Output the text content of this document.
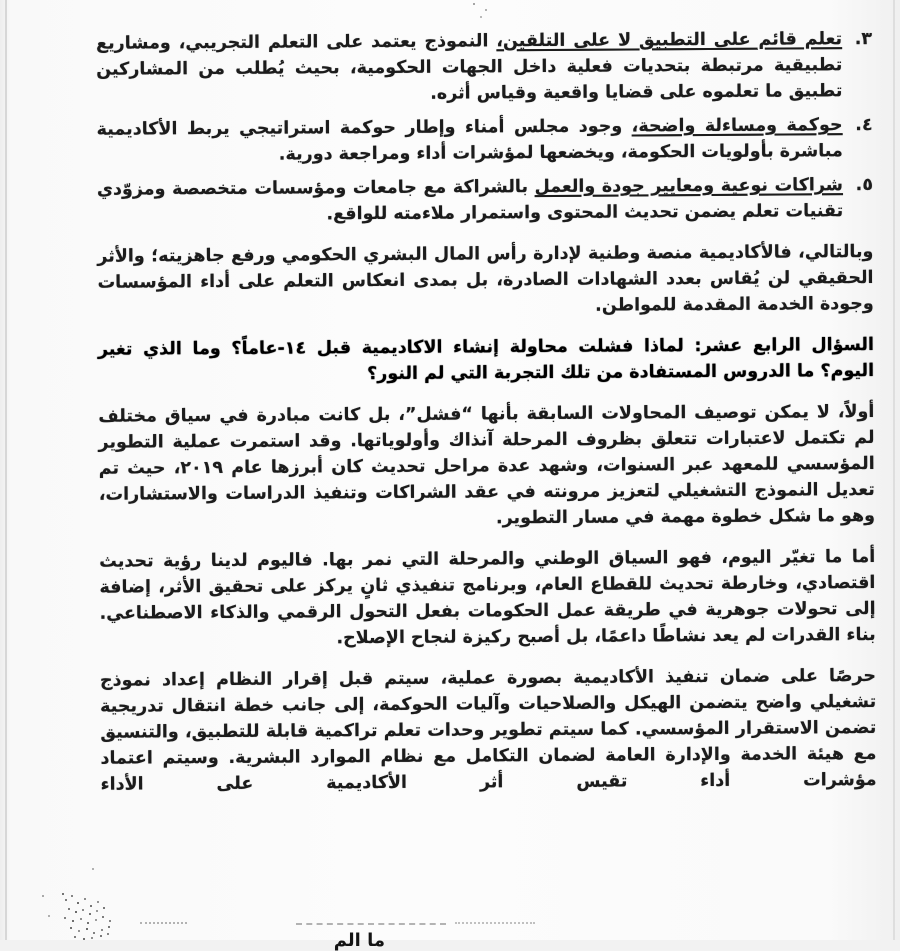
٣.
تعلم قائم على التطبيق لا على التلقين، النموذج يعتمد على التعلم التجريبي، ومشاريع تطبيقية مرتبطة بتحديات فعلية داخل الجهات الحكومية، بحيث يُطلب من المشاركين تطبيق ما تعلموه على قضايا واقعية وقياس أثره.
٤.
حوكمة ومساءلة واضحة، وجود مجلس أمناء وإطار حوكمة استراتيجي يربط الأكاديمية مباشرة بأولويات الحكومة، ويخضعها لمؤشرات أداء ومراجعة دورية.
٥.
شراكات نوعية ومعايير جودة والعمل بالشراكة مع جامعات ومؤسسات متخصصة ومزوّدي تقنيات تعلم يضمن تحديث المحتوى واستمرار ملاءمته للواقع.

وبالتالي، فالأكاديمية منصة وطنية لإدارة رأس المال البشري الحكومي ورفع جاهزيته؛ والأثر الحقيقي لن يُقاس بعدد الشهادات الصادرة، بل بمدى انعكاس التعلم على أداء المؤسسات وجودة الخدمة المقدمة للمواطن.

السؤال الرابع عشر: لماذا فشلت محاولة إنشاء الاكاديمية قبل ١٤-عاماً؟ وما الذي تغير اليوم؟ ما الدروس المستفادة من تلك التجربة التي لم النور؟

أولاً، لا يمكن توصيف المحاولات السابقة بأنها “فشل”، بل كانت مبادرة في سياق مختلف لم تكتمل لاعتبارات تتعلق بظروف المرحلة آنذاك وأولوياتها. وقد استمرت عملية التطوير المؤسسي للمعهد عبر السنوات، وشهد عدة مراحل تحديث كان أبرزها عام ٢٠١٩، حيث تم تعديل النموذج التشغيلي لتعزيز مرونته في عقد الشراكات وتنفيذ الدراسات والاستشارات، وهو ما شكل خطوة مهمة في مسار التطوير.

أما ما تغيّر اليوم، فهو السياق الوطني والمرحلة التي نمر بها. فاليوم لدينا رؤية تحديث اقتصادي، وخارطة تحديث للقطاع العام، وبرنامج تنفيذي ثانٍ يركز على تحقيق الأثر، إضافة إلى تحولات جوهرية في طريقة عمل الحكومات بفعل التحول الرقمي والذكاء الاصطناعي. بناء القدرات لم يعد نشاطًا داعمًا، بل أصبح ركيزة لنجاح الإصلاح.

حرصًا على ضمان تنفيذ الأكاديمية بصورة عملية، سيتم قبل إقرار النظام إعداد نموذج تشغيلي واضح يتضمن الهيكل والصلاحيات وآليات الحوكمة، إلى جانب خطة انتقال تدريجية تضمن الاستقرار المؤسسي. كما سيتم تطوير وحدات تعلم تراكمية قابلة للتطبيق، والتنسيق مع هيئة الخدمة والإدارة العامة لضمان التكامل مع نظام الموارد البشرية. وسيتم اعتماد مؤشرات أداء تقيس أثر الأكاديمية على الأداء

ما الم
